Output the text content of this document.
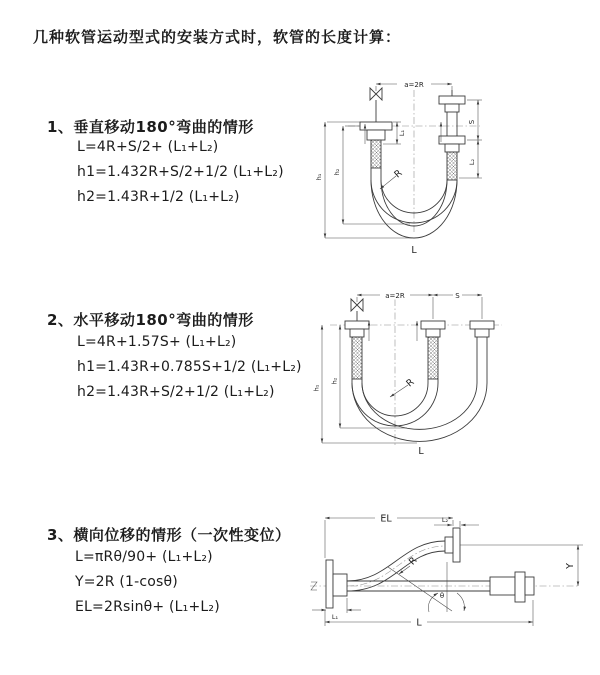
几种软管运动型式的安装方式时，软管的长度计算：
1、垂直移动180°弯曲的情形
L=4R+S/2+ (L₁+L₂)
h1=1.432R+S/2+1/2 (L₁+L₂)
h2=1.43R+1/2 (L₁+L₂)
2、水平移动180°弯曲的情形
L=4R+1.57S+ (L₁+L₂)
h1=1.43R+0.785S+1/2 (L₁+L₂)
h2=1.43R+S/2+1/2 (L₁+L₂)
3、横向位移的情形（一次性变位）
L=πRθ/90+ (L₁+L₂)
Y=2R (1-cosθ)
EL=2Rsinθ+ (L₁+L₂)
a=2R
S
L₂
L₁
h₁
h₂	R
L
a=2R	S
h₁
h₂	R
L
θ
R
EL	L₂
Y
L₁
L
